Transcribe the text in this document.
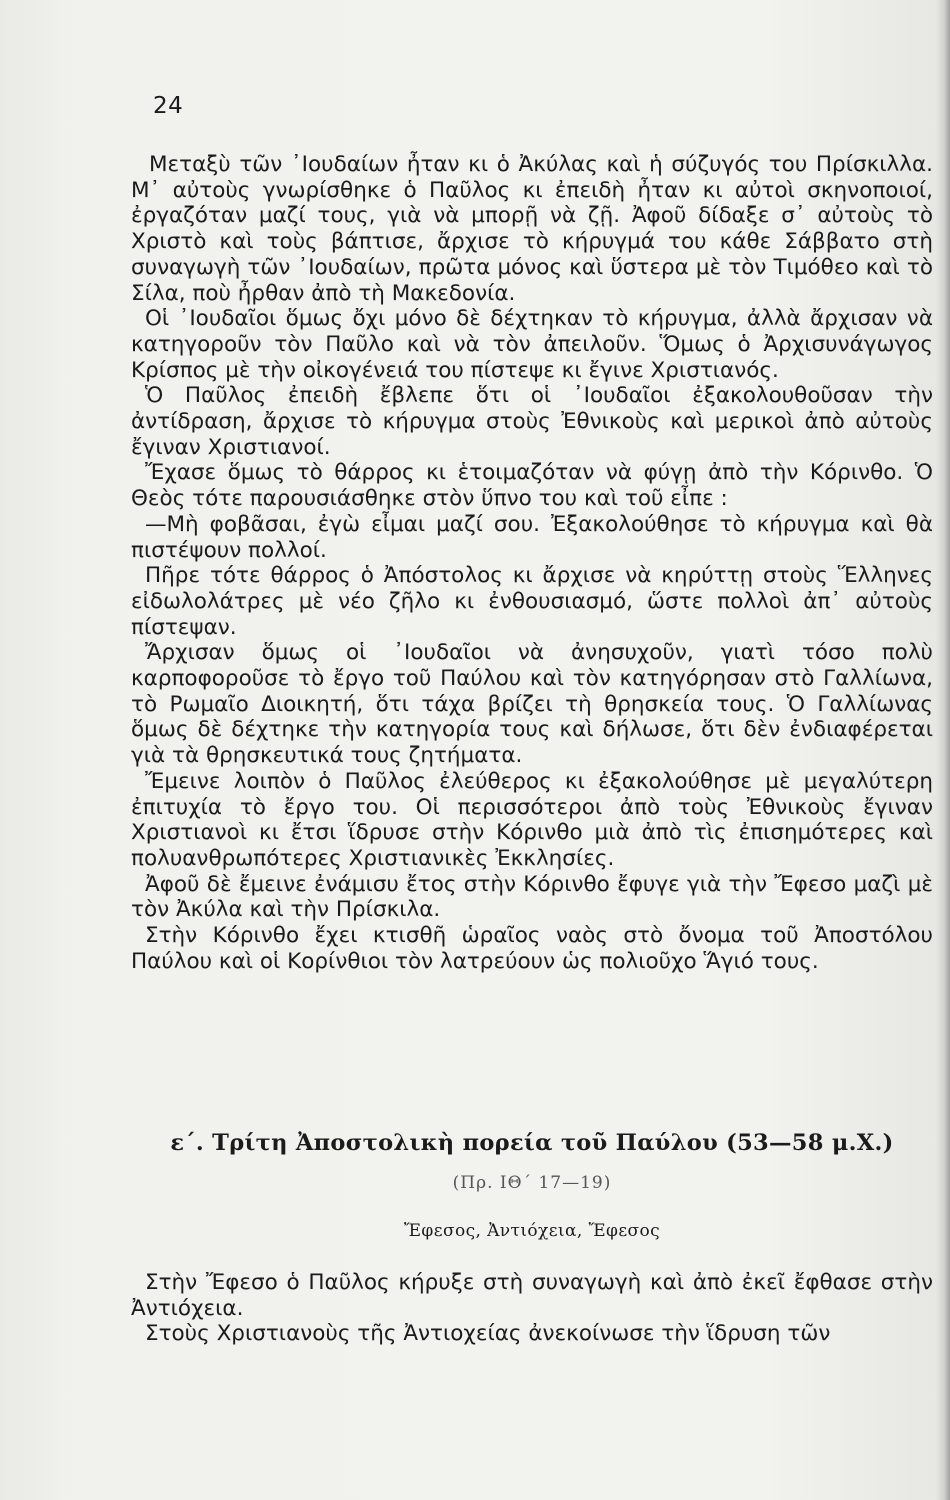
24

Μεταξὺ τῶν ᾿Ιουδαίων ἦταν κι ὁ Ἀκύλας καὶ ἡ σύζυγός του Πρίσκιλλα. Μ᾿ αὐτοὺς γνωρίσθηκε ὁ Παῦλος κι ἐπειδὴ ἦταν κι αὐτοὶ σκηνοποιοί, ἐργαζόταν μαζί τους, γιὰ νὰ μπορῇ νὰ ζῇ. Ἀφοῦ δίδαξε σ᾿ αὐτοὺς τὸ Χριστὸ καὶ τοὺς βάπτισε, ἄρχισε τὸ κήρυγμά του κάθε Σάββατο στὴ συναγωγὴ τῶν ᾿Ιουδαίων, πρῶτα μόνος καὶ ὕστερα μὲ τὸν Τιμόθεο καὶ τὸ Σίλα, ποὺ ἦρθαν ἀπὸ τὴ Μακεδονία.

Οἱ ᾿Ιουδαῖοι ὅμως ὄχι μόνο δὲ δέχτηκαν τὸ κήρυγμα, ἀλλὰ ἄρχισαν νὰ κατηγοροῦν τὸν Παῦλο καὶ νὰ τὸν ἀπειλοῦν. Ὅμως ὁ Ἀρχισυνάγωγος Κρίσπος μὲ τὴν οἰκογένειά του πίστεψε κι ἔγινε Χριστιανός.

Ὁ Παῦλος ἐπειδὴ ἔβλεπε ὅτι οἱ ᾿Ιουδαῖοι ἐξακολουθοῦσαν τὴν ἀντίδραση, ἄρχισε τὸ κήρυγμα στοὺς Ἐθνικοὺς καὶ μερικοὶ ἀπὸ αὐτοὺς ἔγιναν Χριστιανοί.

Ἔχασε ὅμως τὸ θάρρος κι ἑτοιμαζόταν νὰ φύγῃ ἀπὸ τὴν Κόρινθο. Ὁ Θεὸς τότε παρουσιάσθηκε στὸν ὕπνο του καὶ τοῦ εἶπε :

—Μὴ φοβᾶσαι, ἐγὼ εἶμαι μαζί σου. Ἐξακολούθησε τὸ κήρυγμα καὶ θὰ πιστέψουν πολλοί.

Πῆρε τότε θάρρος ὁ Ἀπόστολος κι ἄρχισε νὰ κηρύττῃ στοὺς Ἕλληνες εἰδωλολάτρες μὲ νέο ζῆλο κι ἐνθουσιασμό, ὥστε πολλοὶ ἀπ᾿ αὐτοὺς πίστεψαν.

Ἄρχισαν ὅμως οἱ ᾿Ιουδαῖοι νὰ ἀνησυχοῦν, γιατὶ τόσο πολὺ καρποφοροῦσε τὸ ἔργο τοῦ Παύλου καὶ τὸν κατηγόρησαν στὸ Γαλλίωνα, τὸ Ρωμαῖο Διοικητή, ὅτι τάχα βρίζει τὴ θρησκεία τους. Ὁ Γαλλίωνας ὅμως δὲ δέχτηκε τὴν κατηγορία τους καὶ δήλωσε, ὅτι δὲν ἐνδιαφέρεται γιὰ τὰ θρησκευτικά τους ζητήματα.

Ἔμεινε λοιπὸν ὁ Παῦλος ἐλεύθερος κι ἐξακολούθησε μὲ μεγαλύτερη ἐπιτυχία τὸ ἔργο του. Οἱ περισσότεροι ἀπὸ τοὺς Ἐθνικοὺς ἔγιναν Χριστιανοὶ κι ἔτσι ἵδρυσε στὴν Κόρινθο μιὰ ἀπὸ τὶς ἐπισημότερες καὶ πολυανθρωπότερες Χριστιανικὲς Ἐκκλησίες.

Ἀφοῦ δὲ ἔμεινε ἐνάμισυ ἔτος στὴν Κόρινθο ἔφυγε γιὰ τὴν Ἔφεσο μαζὶ μὲ τὸν Ἀκύλα καὶ τὴν Πρίσκιλα.

Στὴν Κόρινθο ἔχει κτισθῆ ὡραῖος ναὸς στὸ ὄνομα τοῦ Ἀποστόλου Παύλου καὶ οἱ Κορίνθιοι τὸν λατρεύουν ὡς πολιοῦχο Ἅγιό τους.

ε΄. Τρίτη Ἀποστολικὴ πορεία τοῦ Παύλου (53—58 μ.Χ.)
(Πρ. ΙΘ΄ 17—19)
Ἔφεσος, Ἀντιόχεια, Ἔφεσος

Στὴν Ἔφεσο ὁ Παῦλος κήρυξε στὴ συναγωγὴ καὶ ἀπὸ ἐκεῖ ἔφθασε στὴν Ἀντιόχεια.

Στοὺς Χριστιανοὺς τῆς Ἀντιοχείας ἀνεκοίνωσε τὴν ἵδρυση τῶν
